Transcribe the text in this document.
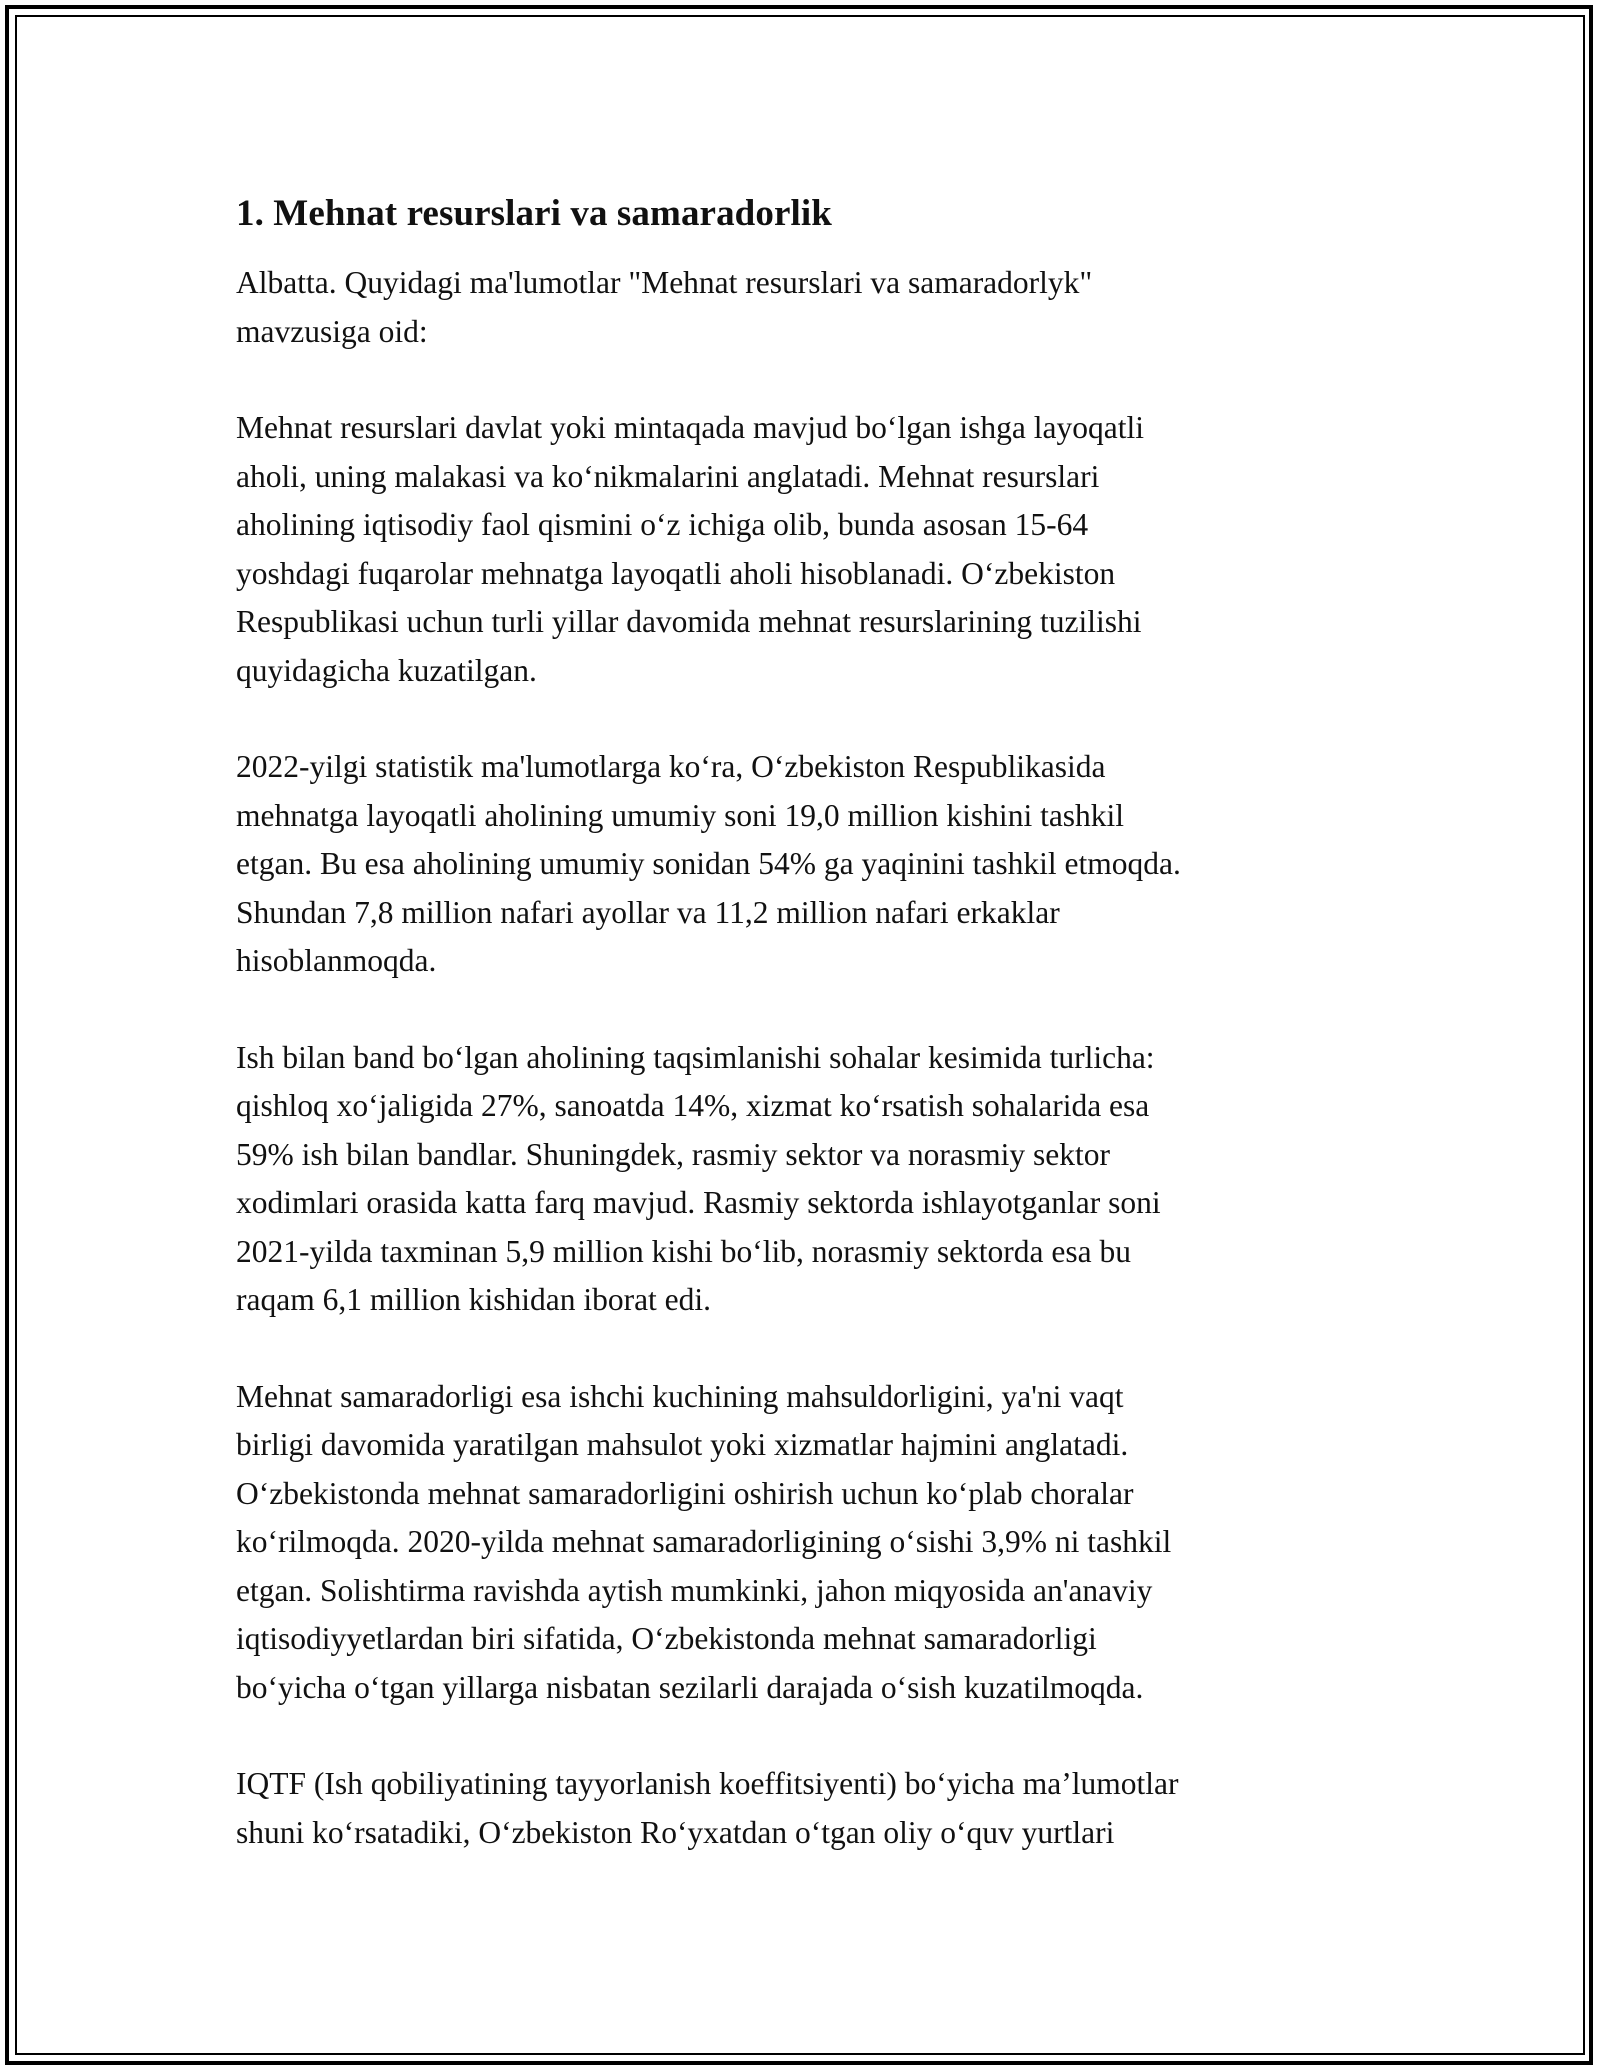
1. Mehnat resurslari va samaradorlik

Albatta. Quyidagi ma'lumotlar "Mehnat resurslari va samaradorlyk"
mavzusiga oid:

Mehnat resurslari davlat yoki mintaqada mavjud bo‘lgan ishga layoqatli
aholi, uning malakasi va ko‘nikmalarini anglatadi. Mehnat resurslari
aholining iqtisodiy faol qismini o‘z ichiga olib, bunda asosan 15-64
yoshdagi fuqarolar mehnatga layoqatli aholi hisoblanadi. O‘zbekiston
Respublikasi uchun turli yillar davomida mehnat resurslarining tuzilishi
quyidagicha kuzatilgan.

2022-yilgi statistik ma'lumotlarga ko‘ra, O‘zbekiston Respublikasida
mehnatga layoqatli aholining umumiy soni 19,0 million kishini tashkil
etgan. Bu esa aholining umumiy sonidan 54% ga yaqinini tashkil etmoqda.
Shundan 7,8 million nafari ayollar va 11,2 million nafari erkaklar
hisoblanmoqda.

Ish bilan band bo‘lgan aholining taqsimlanishi sohalar kesimida turlicha:
qishloq xo‘jaligida 27%, sanoatda 14%, xizmat ko‘rsatish sohalarida esa
59% ish bilan bandlar. Shuningdek, rasmiy sektor va norasmiy sektor
xodimlari orasida katta farq mavjud. Rasmiy sektorda ishlayotganlar soni
2021-yilda taxminan 5,9 million kishi bo‘lib, norasmiy sektorda esa bu
raqam 6,1 million kishidan iborat edi.

Mehnat samaradorligi esa ishchi kuchining mahsuldorligini, ya'ni vaqt
birligi davomida yaratilgan mahsulot yoki xizmatlar hajmini anglatadi.
O‘zbekistonda mehnat samaradorligini oshirish uchun ko‘plab choralar
ko‘rilmoqda. 2020-yilda mehnat samaradorligining o‘sishi 3,9% ni tashkil
etgan. Solishtirma ravishda aytish mumkinki, jahon miqyosida an'anaviy
iqtisodiyyetlardan biri sifatida, O‘zbekistonda mehnat samaradorligi
bo‘yicha o‘tgan yillarga nisbatan sezilarli darajada o‘sish kuzatilmoqda.

IQTF (Ish qobiliyatining tayyorlanish koeffitsiyenti) bo‘yicha ma’lumotlar
shuni ko‘rsatadiki, O‘zbekiston Ro‘yxatdan o‘tgan oliy o‘quv yurtlari
